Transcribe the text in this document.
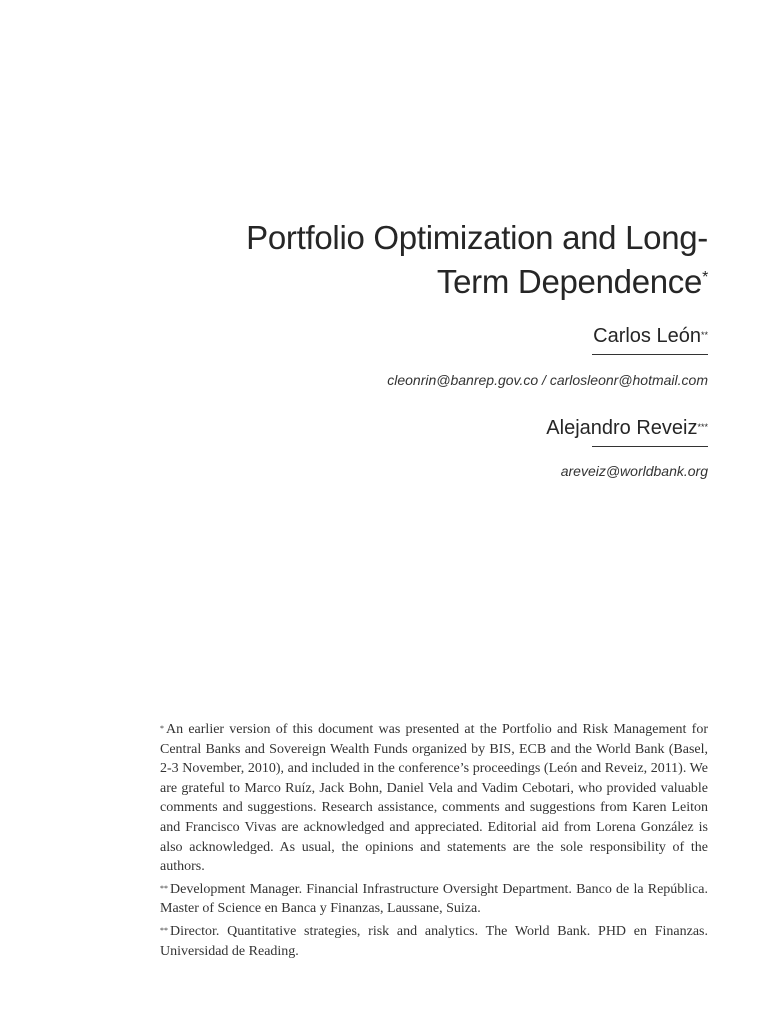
Portfolio Optimization and Long-
Term Dependence*
Carlos León**
cleonrin@banrep.gov.co / carlosleonr@hotmail.com
Alejandro Reveiz***
areveiz@worldbank.org

* An earlier version of this document was presented at the Portfolio and Risk Management for Central Banks and Sovereign Wealth Funds organized by BIS, ECB and the World Bank (Basel, 2-3 November, 2010), and included in the conference’s proceedings (León and Reveiz, 2011). We are grateful to Marco Ruíz, Jack Bohn, Daniel Vela and Vadim Cebotari, who provided valuable comments and suggestions. Research assistance, comments and suggestions from Karen Leiton and Francisco Vivas are acknowledged and appreciated. Editorial aid from Lorena González is also acknowledged. As usual, the opinions and statements are the sole responsibility of the authors.

** Development Manager. Financial Infrastructure Oversight Department. Banco de la República. Master of Science en Banca y Finanzas, Laussane, Suiza.

** Director. Quantitative strategies, risk and analytics. The World Bank. PHD en Finanzas. Universidad de Reading.
